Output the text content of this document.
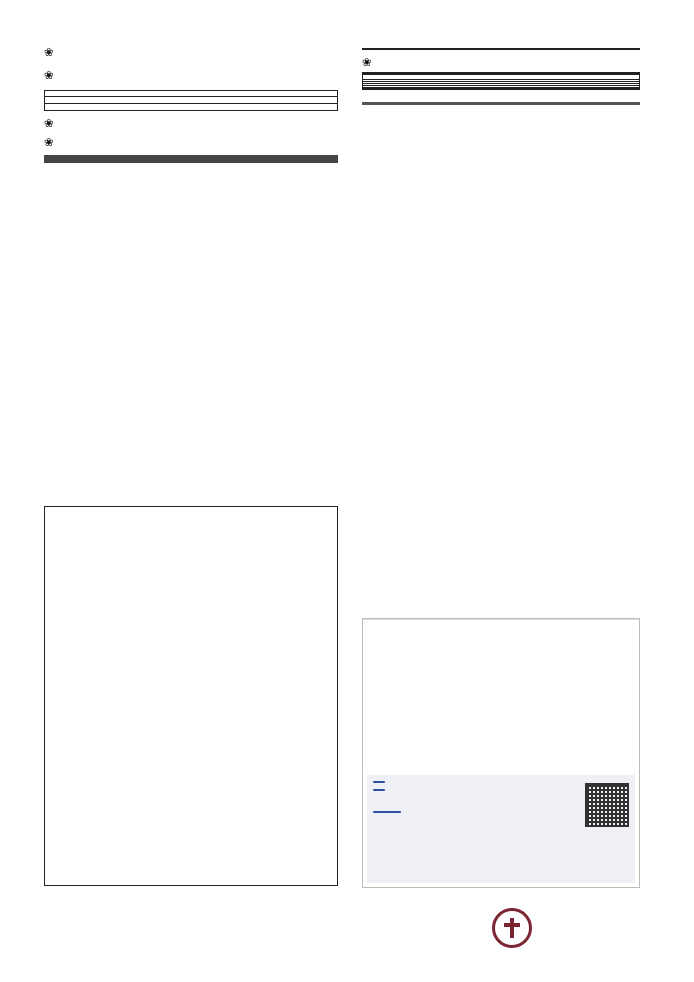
❀
❀
❀
❀

❀
